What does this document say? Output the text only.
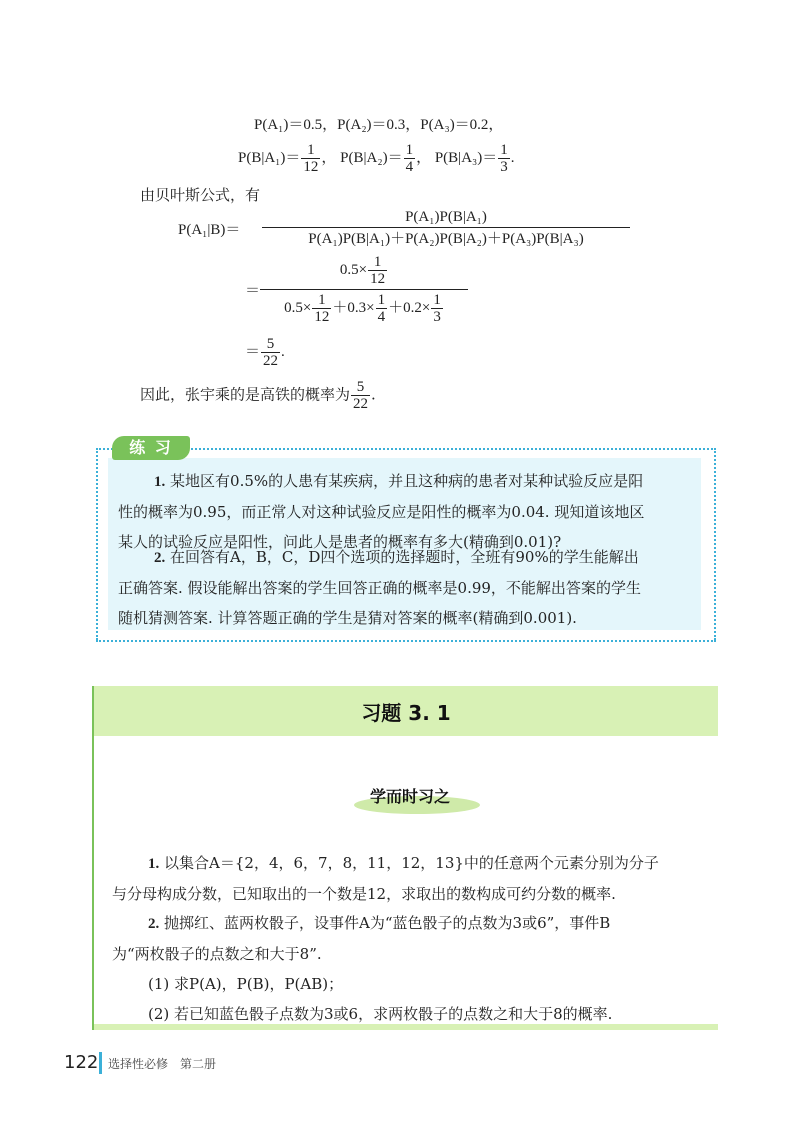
P(A₁)＝0.5，P(A₂)＝0.3，P(A₃)＝0.2，
$P(B|A_1)= \frac{1}{12}$ ， $P(B|A_2)= \frac{1}{4}$ ， $P(B|A_3)= \frac{1}{3}$ .
由贝叶斯公式，有
$P(A_1|B)= \frac{\text{P(A₁)P(B|A₁)}}{\text{P(A₁)P(B|A₁)＋P(A₂)P(B|A₂)＋P(A₃)P(B|A₃)}}$
＝ $\frac{0.5\times \frac{1}{12}}{0.5\times \frac{1}{12} +0.3\times \frac{1}{4} +0.2\times \frac{1}{3}}$
＝ $\frac{5}{22}$ .
因此，张宇乘的是高铁的概率为 $\frac{5}{22}$ .
练 习
1. 某地区有0.5%的人患有某疾病，并且这种病的患者对某种试验反应是阳
性的概率为0.95，而正常人对这种试验反应是阳性的概率为0.04. 现知道该地区
某人的试验反应是阳性，问此人是患者的概率有多大(精确到0.01)?
2. 在回答有A，B，C，D四个选项的选择题时，全班有90%的学生能解出
正确答案. 假设能解出答案的学生回答正确的概率是0.99，不能解出答案的学生
随机猜测答案. 计算答题正确的学生是猜对答案的概率(精确到0.001).
习题 3. 1
学而时习之
1. 以集合A＝{2，4，6，7，8，11，12，13}中的任意两个元素分别为分子
与分母构成分数，已知取出的一个数是12，求取出的数构成可约分数的概率.
2. 抛掷红、蓝两枚骰子，设事件A为“蓝色骰子的点数为3或6”，事件B
为“两枚骰子的点数之和大于8”.
(1) 求P(A)，P(B)，P(AB)；
(2) 若已知蓝色骰子点数为3或6，求两枚骰子的点数之和大于8的概率.
122 选择性必修　第二册
